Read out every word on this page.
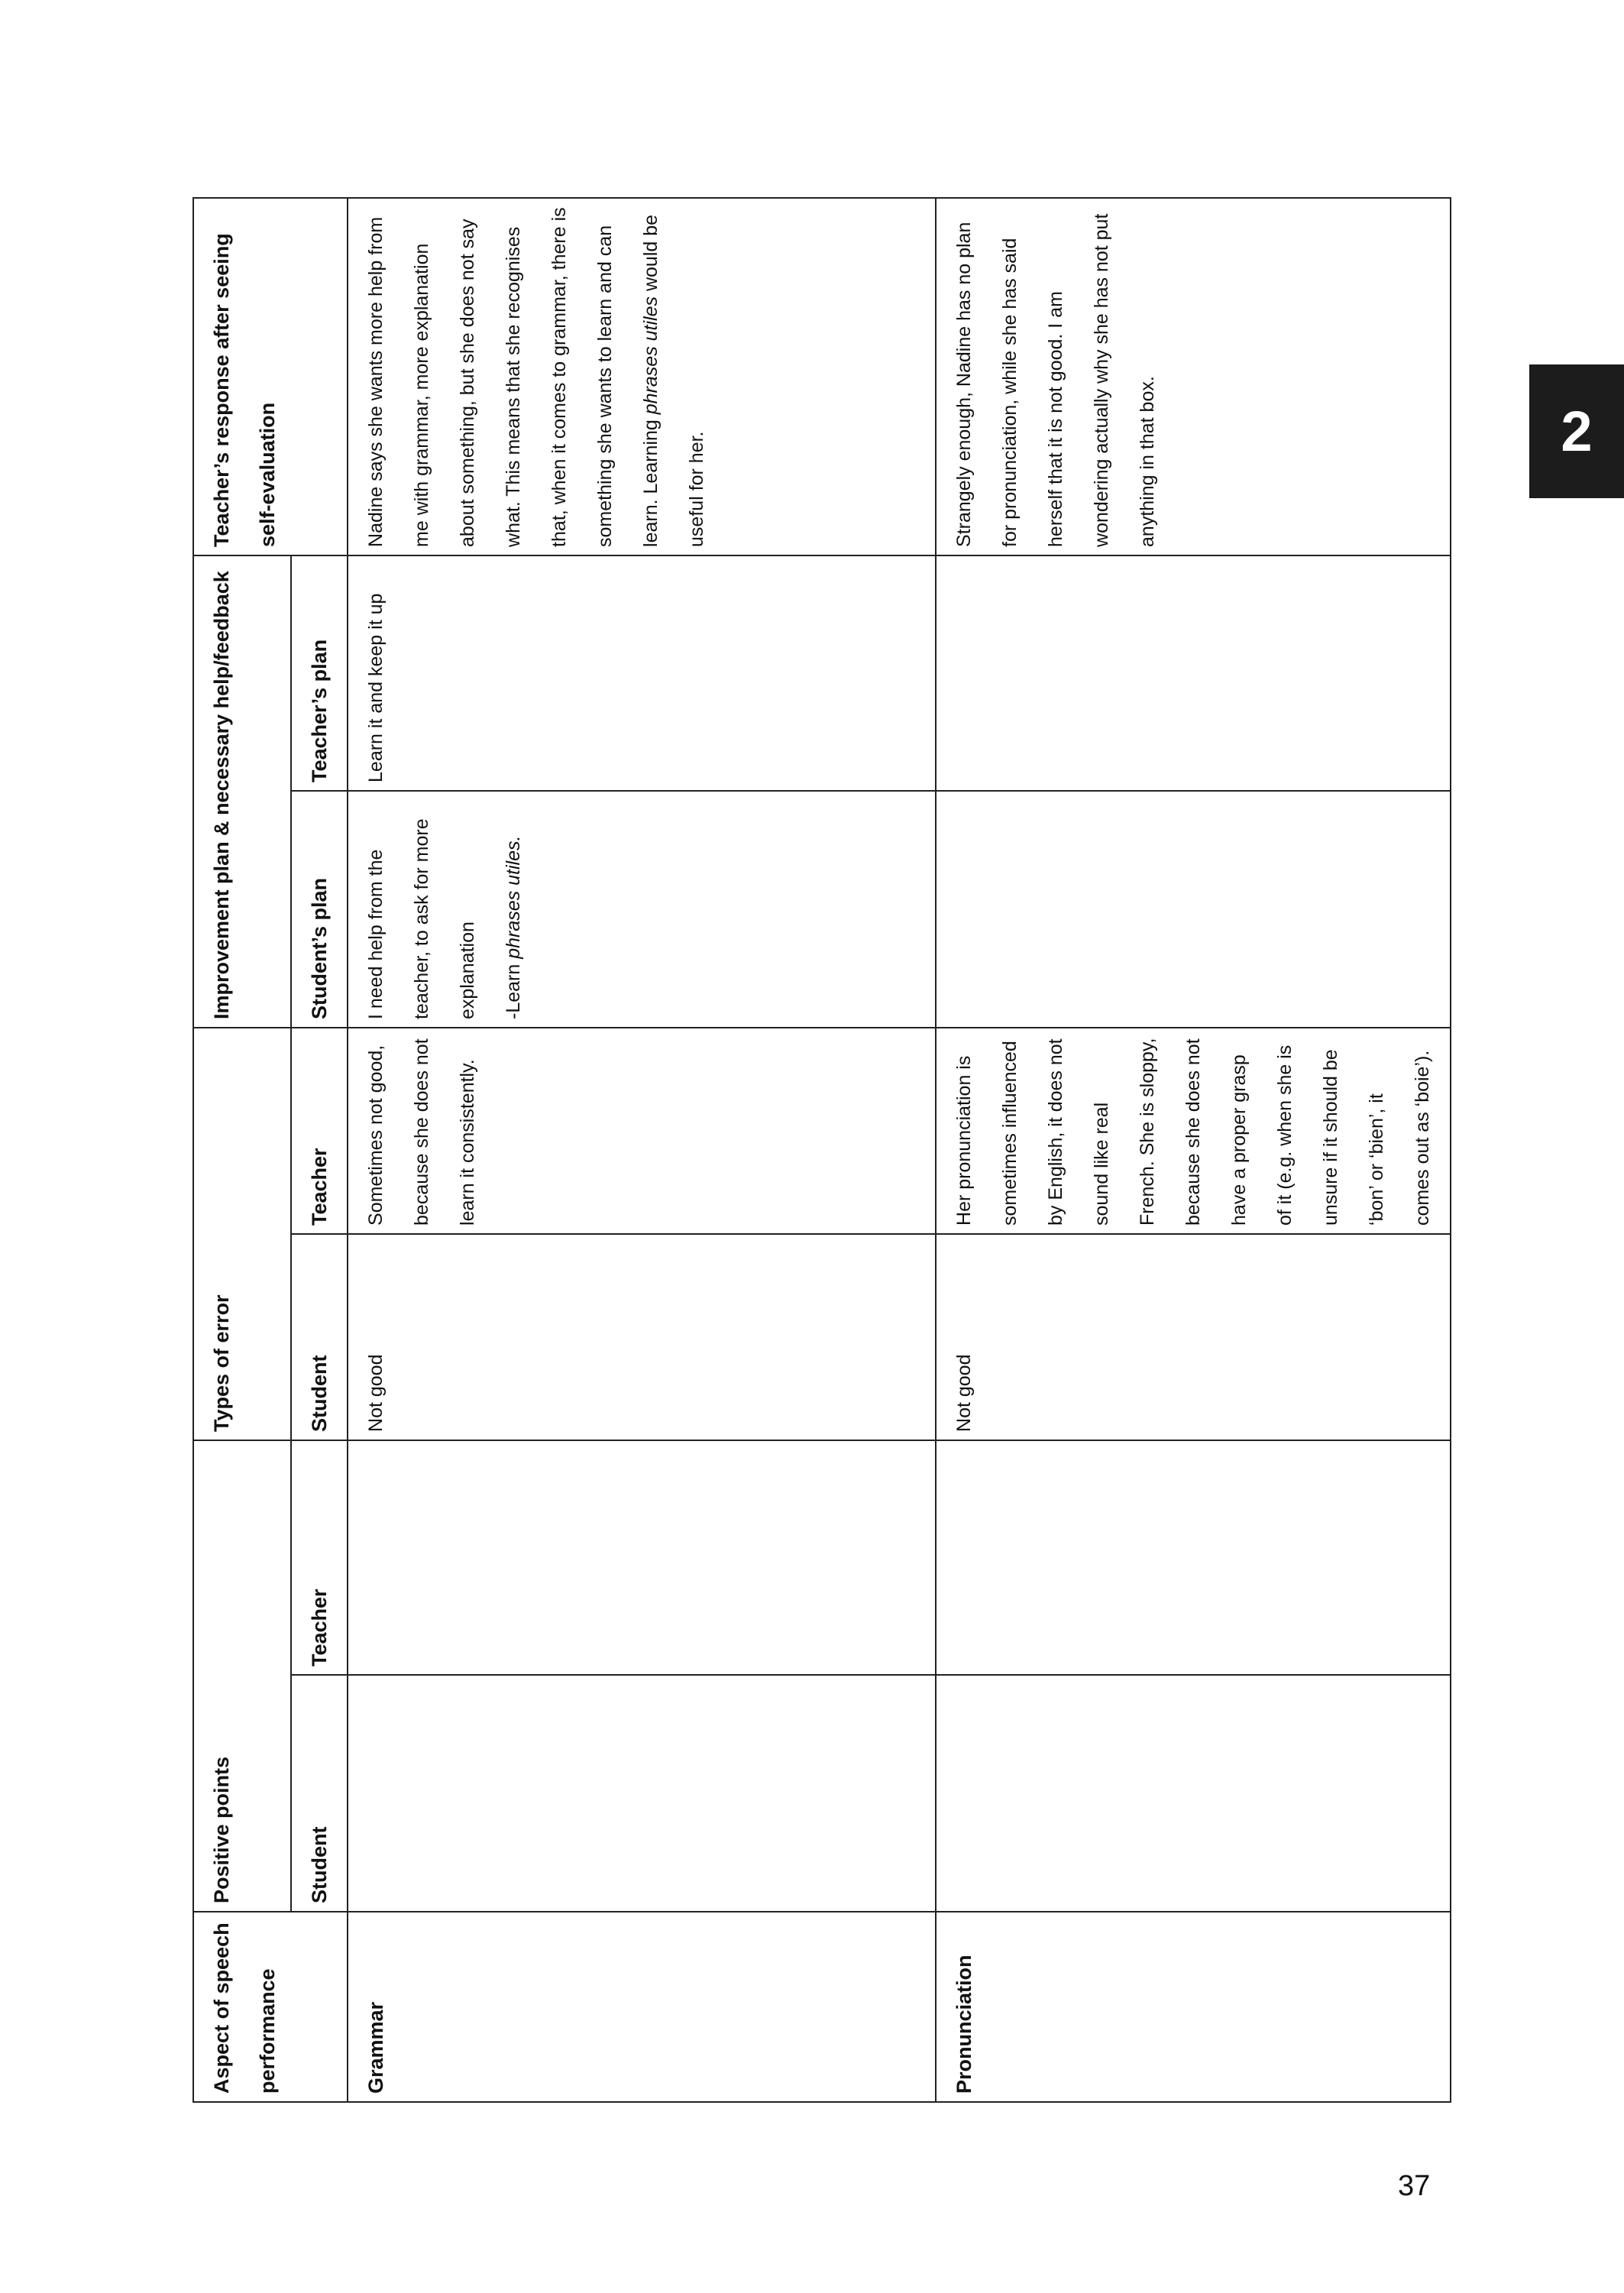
2
Aspect of speech performance	Positive points		Types of error		Improvement plan & necessary help/feedback		Teacher’s response after seeing self-evaluation
	Student	Teacher	Student	Teacher	Student’s plan	Teacher’s plan	
Grammar			Not good	Sometimes not good, because she does not learn it consistently.	I need help from the teacher, to ask for more explanation -Learn phrases utiles.	Learn it and keep it up	Nadine says she wants more help from me with grammar, more explanation about something, but she does not say what. This means that she recognises that, when it comes to grammar, there is something she wants to learn and can learn. Learning phrases utiles would be useful for her.
Pronunciation			Not good	Her pronunciation is sometimes influenced by English, it does not sound like real French. She is sloppy, because she does not have a proper grasp of it (e.g. when she is unsure if it should be ‘bon’ or ‘bien’, it comes out as ‘boie’).			Strangely enough, Nadine has no plan for pronunciation, while she has said herself that it is not good. I am wondering actually why she has not put anything in that box.
37
